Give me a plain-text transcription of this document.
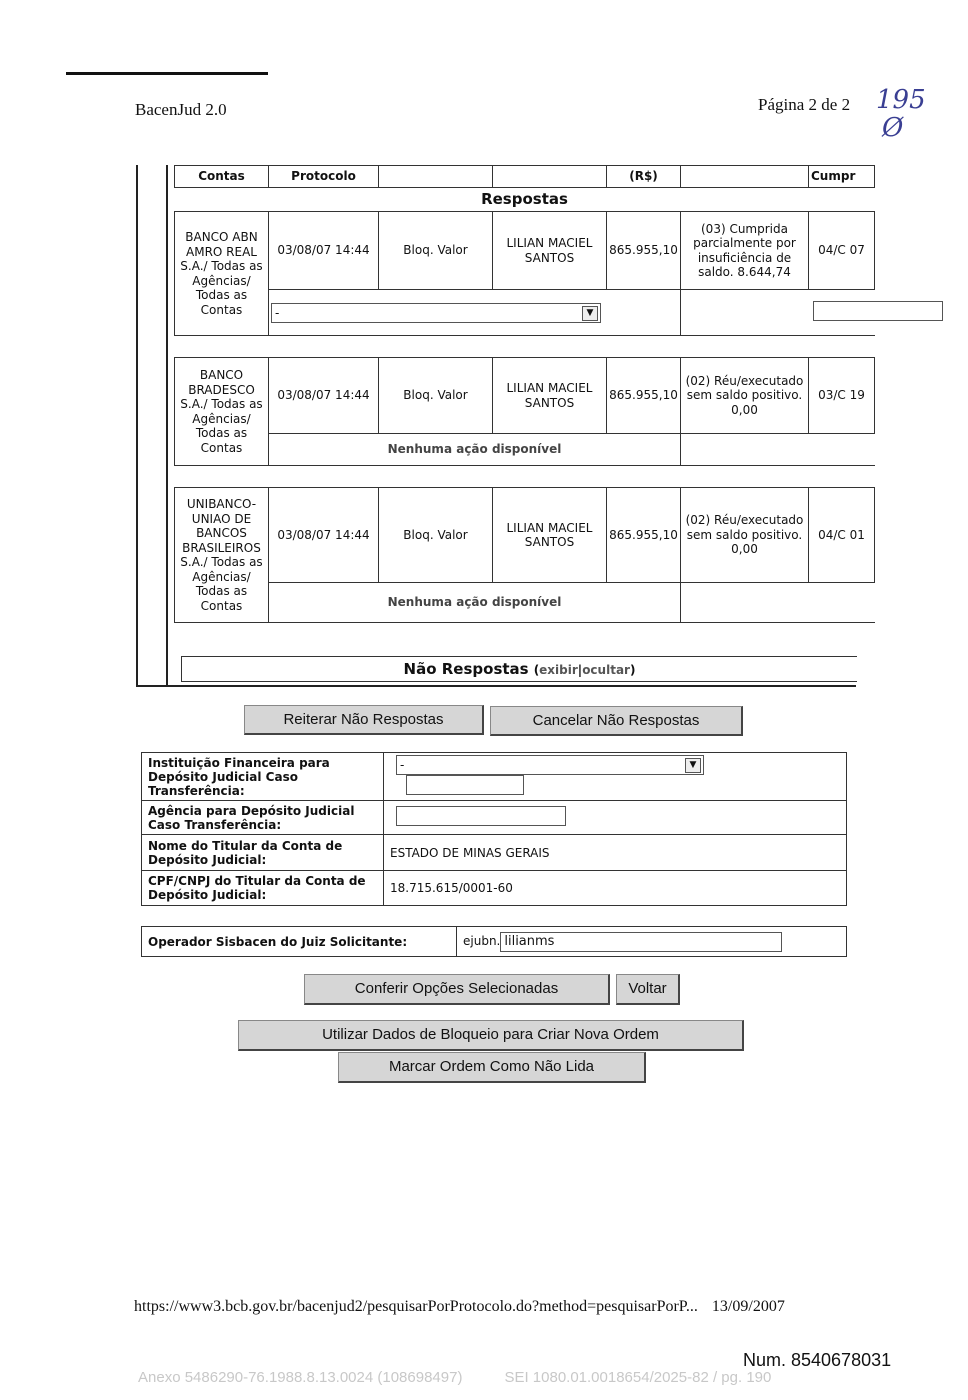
BacenJud 2.0	Página 2 de 2 195
Ø
Contas	Protocolo			(R$)		Cumpr
Respostas						
BANCO ABN AMRO REAL S.A./ Todas as Agências/ Todas as Contas	03/08/07 14:44	Bloq. Valor	LILIAN MACIEL SANTOS	865.955,10	(03) Cumprida parcialmente por insuficiência de saldo. 8.644,74	04/C 07
	- ▼					

BANCO BRADESCO S.A./ Todas as Agências/ Todas as Contas	03/08/07 14:44	Bloq. Valor	LILIAN MACIEL SANTOS	865.955,10	(02) Réu/executado sem saldo positivo. 0,00	03/C 19
	Nenhuma ação disponível					

UNIBANCO-UNIAO DE BANCOS BRASILEIROS S.A./ Todas as Agências/ Todas as Contas	03/08/07 14:44	Bloq. Valor	LILIAN MACIEL SANTOS	865.955,10	(02) Réu/executado sem saldo positivo. 0,00	04/C 01
	Nenhuma ação disponível					

Não Respostas (exibir|ocultar)
Reiterar Não Respostas	Cancelar Não Respostas
Instituição Financeira para Depósito Judicial Caso Transferência:	- ▼

Agência para Depósito Judicial Caso Transferência:	
Nome do Titular da Conta de Depósito Judicial:	ESTADO DE MINAS GERAIS
CPF/CNPJ do Titular da Conta de Depósito Judicial:	18.715.615/0001-60
Operador Sisbacen do Juiz Solicitante:	ejubn. lilianms
Conferir Opções Selecionadas	Voltar
Utilizar Dados de Bloqueio para Criar Nova Ordem
Marcar Ordem Como Não Lida
https://www3.bcb.gov.br/bacenjud2/pesquisarPorProtocolo.do?method=pesquisarPorP... 13/09/2007
Num. 8540678031
Anexo 5486290-76.1988.8.13.0024 (108698497)	SEI 1080.01.0018654/2025-82 / pg. 190
